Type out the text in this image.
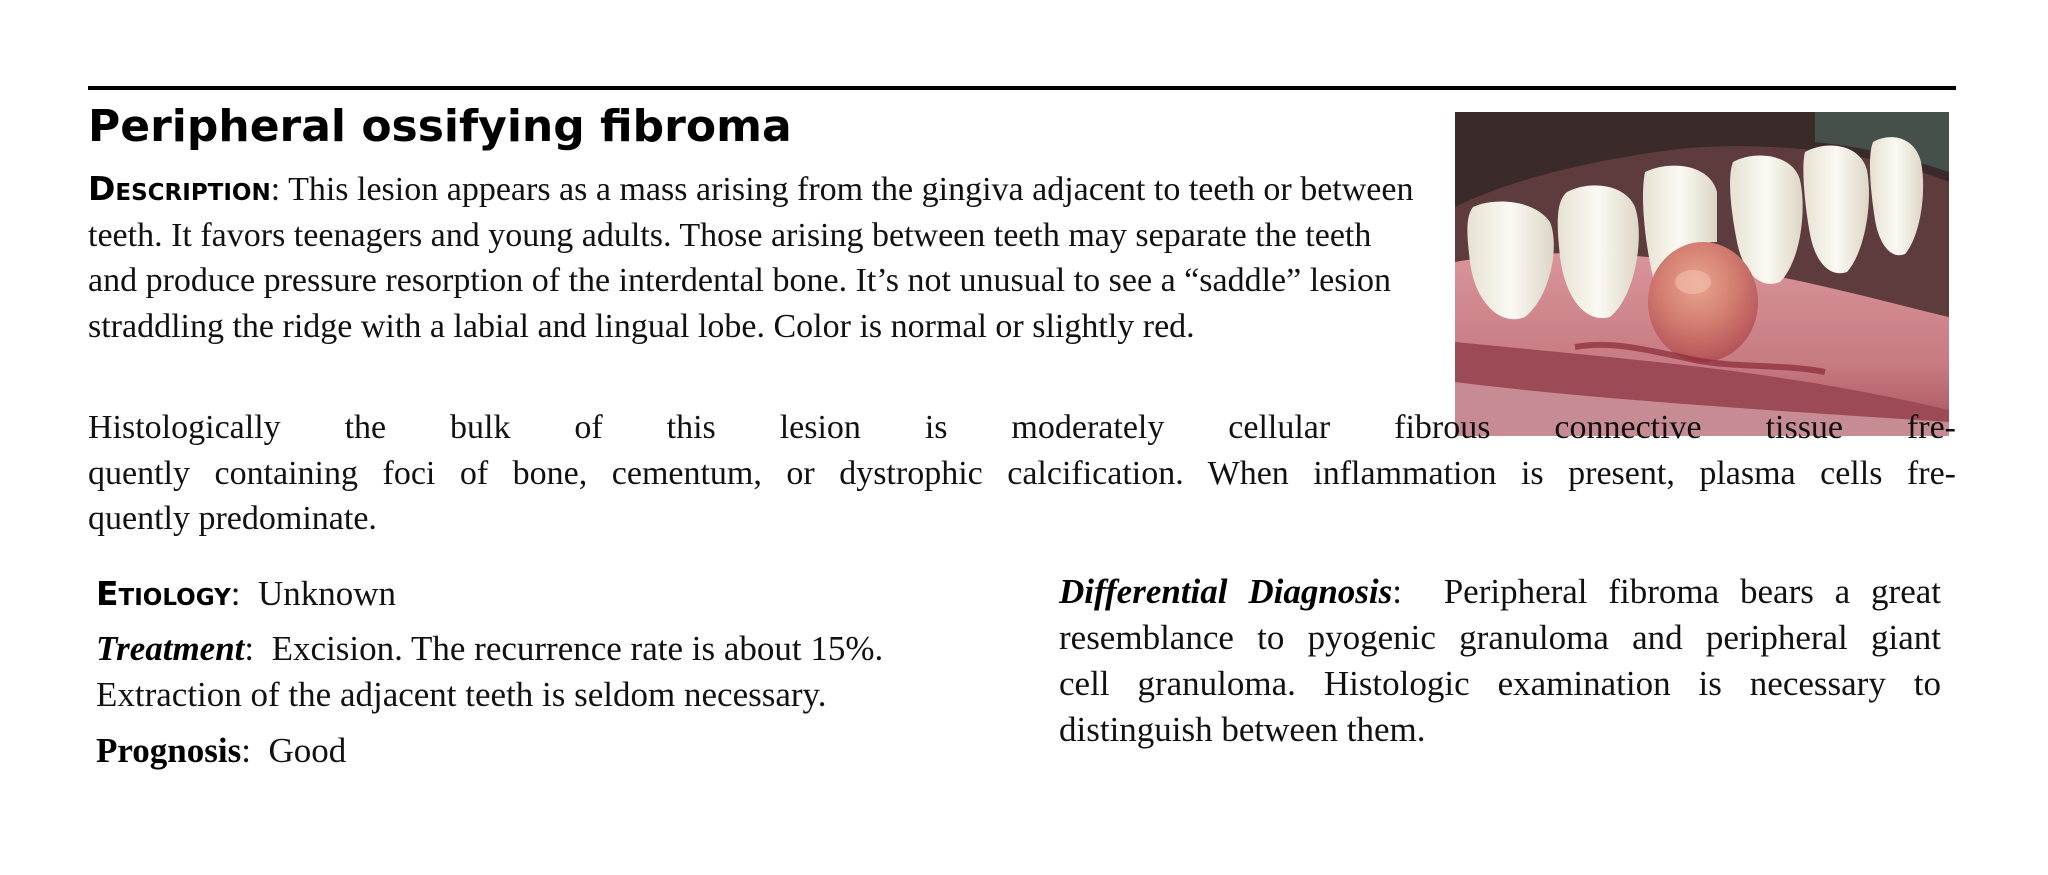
Peripheral ossifying fibroma

Description: This lesion appears as a mass arising from the gingiva adjacent to teeth or between teeth. It favors teenagers and young adults. Those arising between teeth may separate the teeth and produce pressure resorption of the interdental bone. It’s not unusual to see a “saddle” lesion straddling the ridge with a labial and lingual lobe. Color is normal or slightly red.

Histologically the bulk of this lesion is moderately cellular fibrous connective tissue fre-
quently containing foci of bone, cementum, or dystrophic calcification. When inflammation is present, plasma cells fre-
quently predominate.

Etiology:  Unknown

Treatment:  Excision. The recurrence rate is about 15%. Extraction of the adjacent teeth is seldom necessary.

Prognosis:  Good

Differential Diagnosis:  Peripheral fibroma bears a great
resemblance to pyogenic granuloma and peripheral giant
cell granuloma. Histologic examination is necessary to
distinguish between them.
